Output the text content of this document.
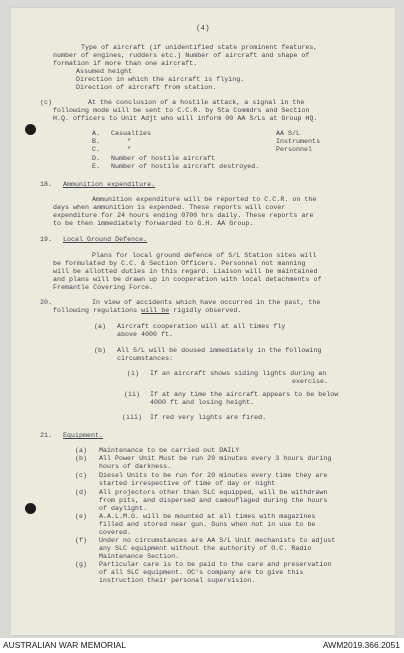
(4)
Type of aircraft (if unidentified state prominent features,
number of engines, rudders etc.) Number of aircraft and shape of
formation if more than one aircraft.
Assumed height
Direction in which the aircraft is flying.
Direction of aircraft from station.
(c)	At the conclusion of a hostile attack, a signal in the
following mode will be sent to C.C.R. by Sta Commdrs and Section
H.Q. officers to Unit Adjt who will inform 00 AA S/Ls at Group HQ.
A. Casualties	AA S/L
B.	"	Instruments
C.	"	Personnel
D. Number of hostile aircraft
E. Number of hostile aircraft destroyed.
18. Ammunition expenditure.
Ammunition expenditure will be reported to C.C.R. on the
days when ammunition is expended. These reports will cover
expenditure for 24 hours ending 0700 hrs daily. These reports are
to be then immediately forwarded to G.H. AA Group.
19. Local Ground Defence.
Plans for local ground defence of S/L Station sites will
be formulated by C.C. & Section Officers. Personnel not manning
will be allotted duties in this regard. Liaison will be maintained
and plans will be drawn up in cooperation with local detachments of
Fremantle Covering Force.
20.	In view of accidents which have occurred in the past, the
following regulations will be rigidly observed.
(a) Aircraft cooperation will at all times fly
above 4000 ft.
(b) All S/L will be doused immediately in the following
circumstances:
(i) If an aircraft shows siding lights during an
exercise.
(ii) If at any time the aircraft appears to be below
4000 ft and losing height.
(iii) If red very lights are fired.
21. Equipment.
(a) Maintenance to be carried out DAILY
(b) All Power Unit Must be run 20 minutes every 3 hours during
hours of darkness.
(c) Diesel Units to be run for 20 minutes every time they are
started irrespective of time of day or night
(d) All projectors other than SLC equipped, will be withdrawn
from pits, and dispersed and camouflaged during the hours
of daylight.
(e) A.A.L.M.G. will be mounted at all times with magazines
filled and stored near gun. Guns when not in use to be
covered.
(f) Under no circumstances are AA S/L Unit mechanists to adjust
any SLC equipment without the authority of O.C. Radio
Maintenance Section.
(g) Particular care is to be paid to the care and preservation
of all SLC equipment. OC's company are to give this
instruction their personal supervision.
AUSTRALIAN WAR MEMORIAL	AWM2019.366.2051
